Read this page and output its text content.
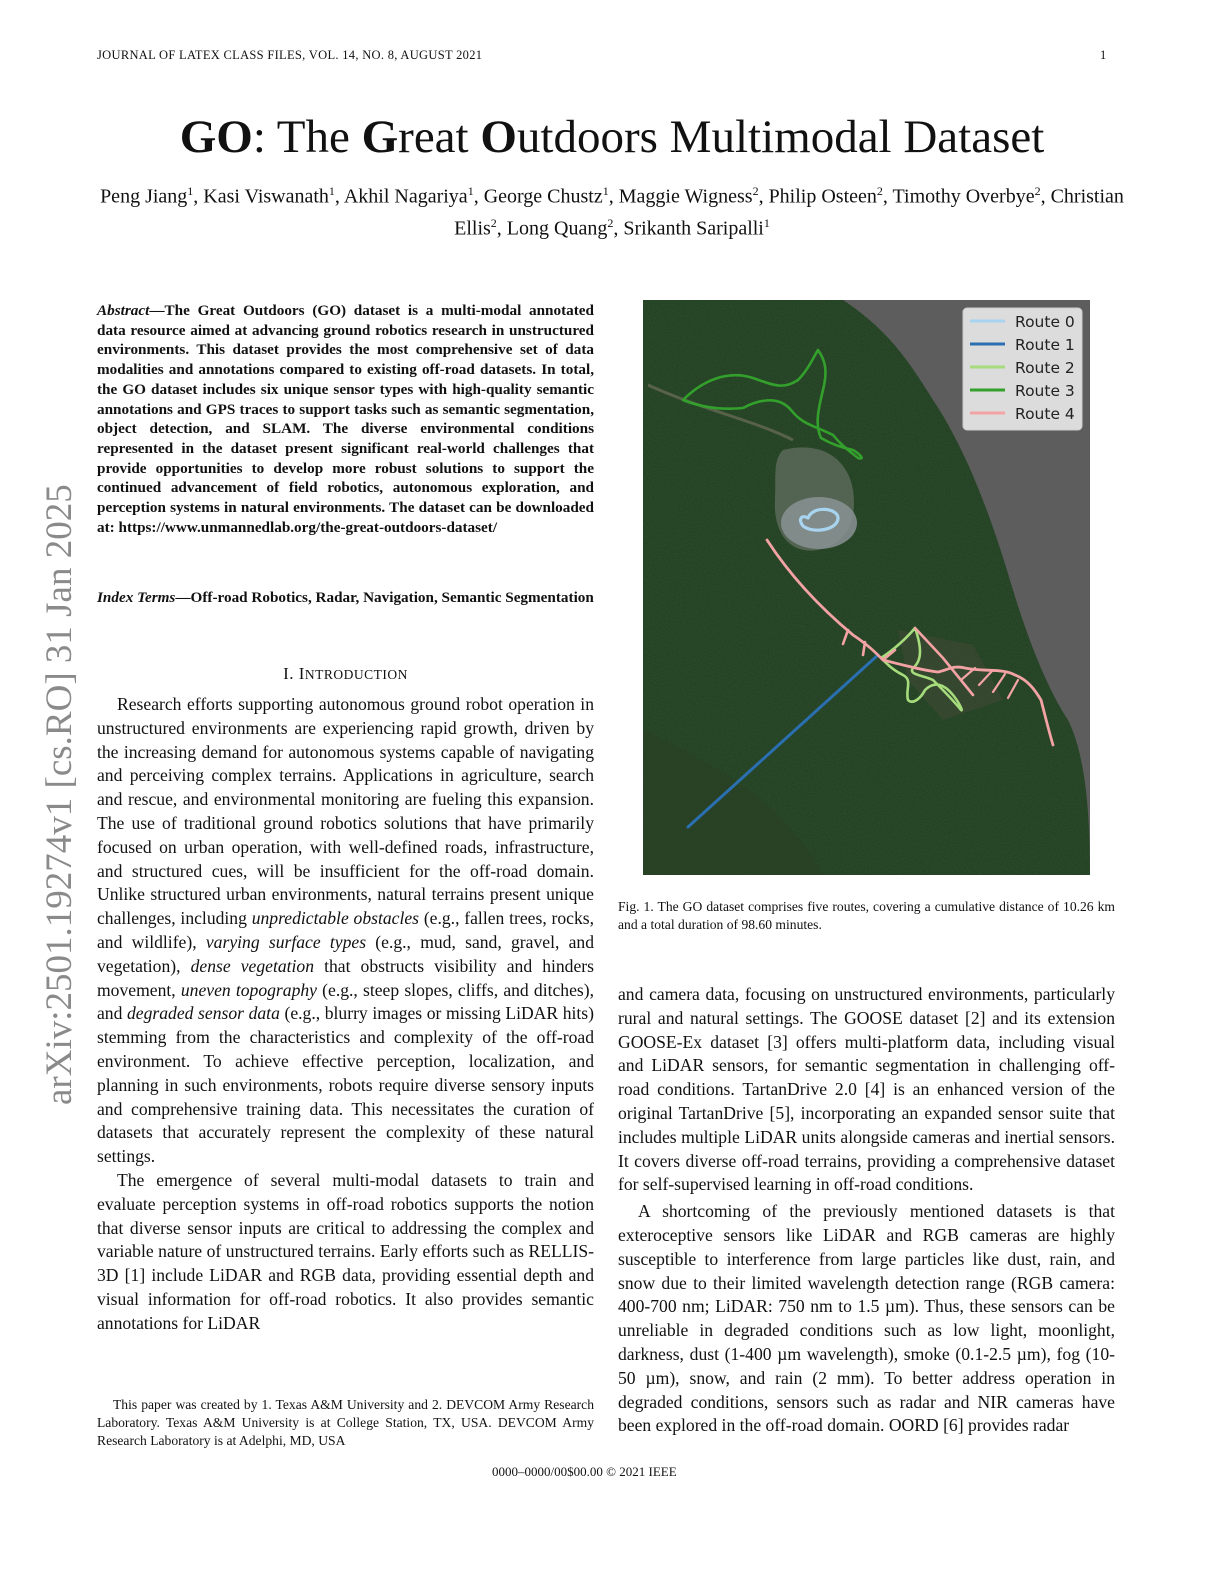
JOURNAL OF LATEX CLASS FILES, VOL. 14, NO. 8, AUGUST 2021	1
GO: The Great Outdoors Multimodal Dataset
Peng Jiang$^1$, Kasi Viswanath$^1$, Akhil Nagariya$^1$, George Chustz$^1$, Maggie Wigness$^2$, Philip Osteen$^2$, Timothy Overbye$^2$, Christian Ellis$^2$, Long Quang$^2$, Srikanth Saripalli$^1$
arXiv:2501.19274v1 [cs.RO] 31 Jan 2025
Abstract—The Great Outdoors (GO) dataset is a multi-modal annotated data resource aimed at advancing ground robotics research in unstructured environments. This dataset provides the most comprehensive set of data modalities and annotations compared to existing off-road datasets. In total, the GO dataset includes six unique sensor types with high-quality semantic annotations and GPS traces to support tasks such as semantic segmentation, object detection, and SLAM. The diverse environmental conditions represented in the dataset present significant real-world challenges that provide opportunities to develop more robust solutions to support the continued advancement of field robotics, autonomous exploration, and perception systems in natural environments. The dataset can be downloaded at: https://www.unmannedlab.org/the-great-outdoors-dataset/
Index Terms—Off-road Robotics, Radar, Navigation, Semantic Segmentation
I. INTRODUCTION

Research efforts supporting autonomous ground robot operation in unstructured environments are experiencing rapid growth, driven by the increasing demand for autonomous systems capable of navigating and perceiving complex terrains. Applications in agriculture, search and rescue, and environmental monitoring are fueling this expansion. The use of traditional ground robotics solutions that have primarily focused on urban operation, with well-defined roads, infrastructure, and structured cues, will be insufficient for the off-road domain. Unlike structured urban environments, natural terrains present unique challenges, including unpredictable obstacles (e.g., fallen trees, rocks, and wildlife), varying surface types (e.g., mud, sand, gravel, and vegetation), dense vegetation that obstructs visibility and hinders movement, uneven topography (e.g., steep slopes, cliffs, and ditches), and degraded sensor data (e.g., blurry images or missing LiDAR hits) stemming from the characteristics and complexity of the off-road environment. To achieve effective perception, localization, and planning in such environments, robots require diverse sensory inputs and comprehensive training data. This necessitates the curation of datasets that accurately represent the complexity of these natural settings.

The emergence of several multi-modal datasets to train and evaluate perception systems in off-road robotics supports the notion that diverse sensor inputs are critical to addressing the complex and variable nature of unstructured terrains. Early efforts such as RELLIS-3D [1] include LiDAR and RGB data, providing essential depth and visual information for off-road robotics. It also provides semantic annotations for LiDAR

This paper was created by 1. Texas A&M University and 2. DEVCOM Army Research Laboratory. Texas A&M University is at College Station, TX, USA. DEVCOM Army Research Laboratory is at Adelphi, MD, USA

Route 0
Route 1
Route 2
Route 3
Route 4
Fig. 1. The GO dataset comprises five routes, covering a cumulative distance of 10.26 km and a total duration of 98.60 minutes.

and camera data, focusing on unstructured environments, particularly rural and natural settings. The GOOSE dataset [2] and its extension GOOSE-Ex dataset [3] offers multi-platform data, including visual and LiDAR sensors, for semantic segmentation in challenging off-road conditions. TartanDrive 2.0 [4] is an enhanced version of the original TartanDrive [5], incorporating an expanded sensor suite that includes multiple LiDAR units alongside cameras and inertial sensors. It covers diverse off-road terrains, providing a comprehensive dataset for self-supervised learning in off-road conditions.

A shortcoming of the previously mentioned datasets is that exteroceptive sensors like LiDAR and RGB cameras are highly susceptible to interference from large particles like dust, rain, and snow due to their limited wavelength detection range (RGB camera: 400-700 nm; LiDAR: 750 nm to 1.5 µm). Thus, these sensors can be unreliable in degraded conditions such as low light, moonlight, darkness, dust (1-400 µm wavelength), smoke (0.1-2.5 µm), fog (10-50 µm), snow, and rain (2 mm). To better address operation in degraded conditions, sensors such as radar and NIR cameras have been explored in the off-road domain. OORD [6] provides radar

0000–0000/00$00.00 © 2021 IEEE
